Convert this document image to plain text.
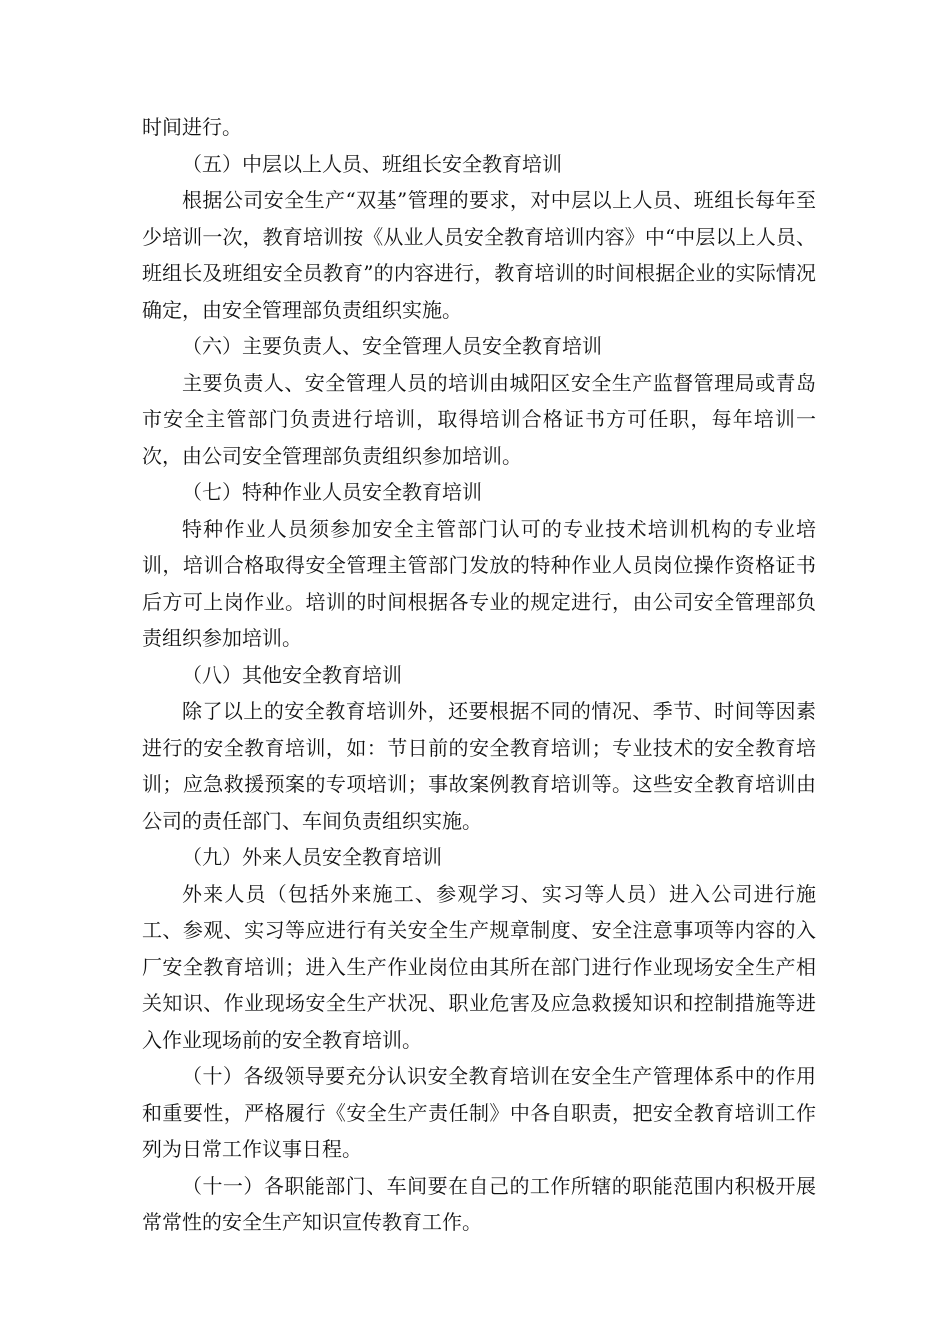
时间进行。

（五）中层以上人员、班组长安全教育培训

根据公司安全生产“双基”管理的要求，对中层以上人员、班组长每年至少培训一次，教育培训按《从业人员安全教育培训内容》中“中层以上人员、班组长及班组安全员教育”的内容进行，教育培训的时间根据企业的实际情况确定，由安全管理部负责组织实施。

（六）主要负责人、安全管理人员安全教育培训

主要负责人、安全管理人员的培训由城阳区安全生产监督管理局或青岛市安全主管部门负责进行培训，取得培训合格证书方可任职，每年培训一次，由公司安全管理部负责组织参加培训。

（七）特种作业人员安全教育培训

特种作业人员须参加安全主管部门认可的专业技术培训机构的专业培训，培训合格取得安全管理主管部门发放的特种作业人员岗位操作资格证书后方可上岗作业。培训的时间根据各专业的规定进行，由公司安全管理部负责组织参加培训。

（八）其他安全教育培训

除了以上的安全教育培训外，还要根据不同的情况、季节、时间等因素进行的安全教育培训，如：节日前的安全教育培训；专业技术的安全教育培训；应急救援预案的专项培训；事故案例教育培训等。这些安全教育培训由公司的责任部门、车间负责组织实施。

（九）外来人员安全教育培训

外来人员（包括外来施工、参观学习、实习等人员）进入公司进行施工、参观、实习等应进行有关安全生产规章制度、安全注意事项等内容的入厂安全教育培训；进入生产作业岗位由其所在部门进行作业现场安全生产相关知识、作业现场安全生产状况、职业危害及应急救援知识和控制措施等进入作业现场前的安全教育培训。

（十）各级领导要充分认识安全教育培训在安全生产管理体系中的作用和重要性，严格履行《安全生产责任制》中各自职责，把安全教育培训工作列为日常工作议事日程。

（十一）各职能部门、车间要在自己的工作所辖的职能范围内积极开展常常性的安全生产知识宣传教育工作。
